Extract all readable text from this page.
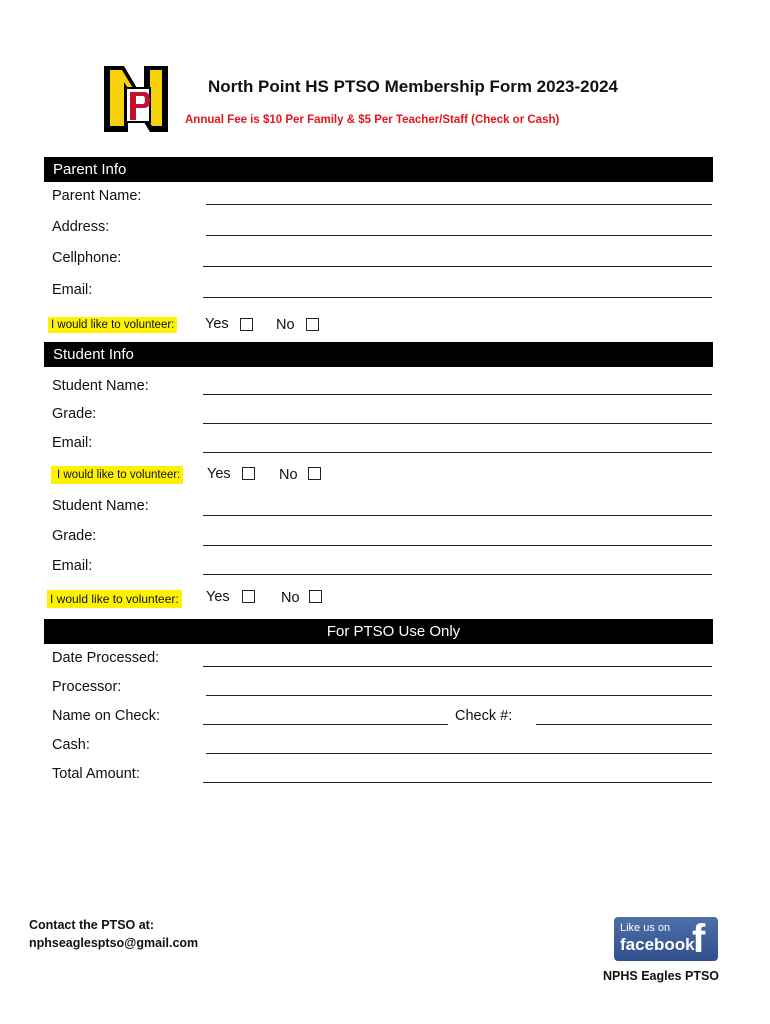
North Point HS PTSO Membership Form 2023-2024
Annual Fee is $10 Per Family & $5 Per Teacher/Staff (Check or Cash)
Parent Info
Parent Name:
Address:
Cellphone:
Email:
I would like to volunteer: Yes	No
Student Info
Student Name:
Grade:
Email:
I would like to volunteer: Yes	No
Student Name:
Grade:
Email:
I would like to volunteer: Yes	No
For PTSO Use Only
Date Processed:
Processor:
Name on Check:	Check #:
Cash:
Total Amount:
Contact the PTSO at:
nphseaglesptso@gmail.com
Like us on
facebook
f
NPHS Eagles PTSO
